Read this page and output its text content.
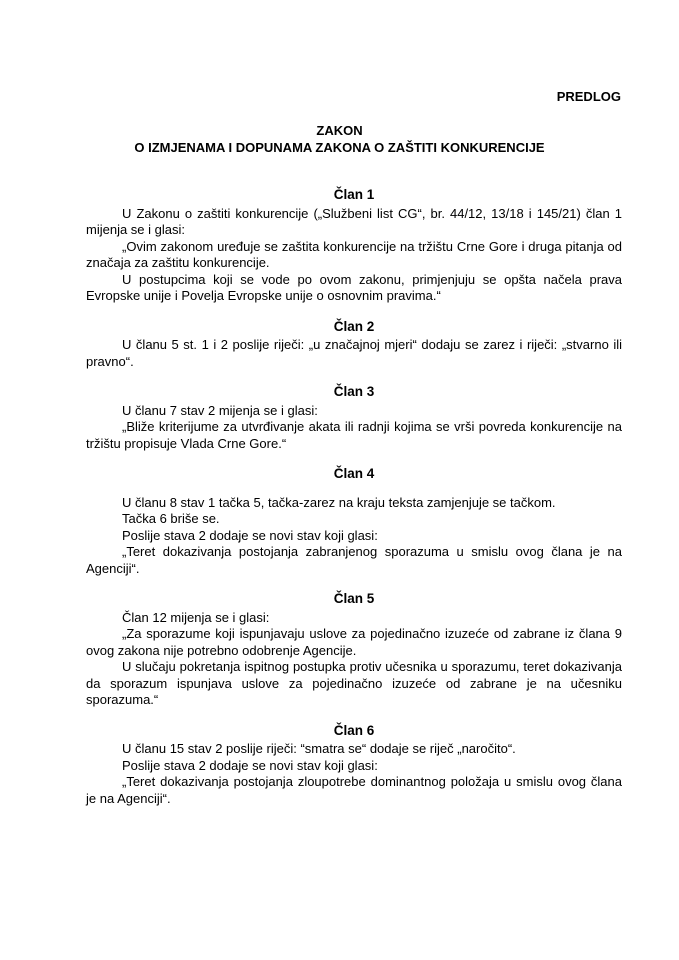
PREDLOG
ZAKON
O IZMJENAMA I DOPUNAMA ZAKONA O ZAŠTITI KONKURENCIJE
Član 1

U Zakonu o zaštiti konkurencije („Službeni list CG“, br. 44/12, 13/18 i 145/21) član 1 mijenja se i glasi:

„Ovim zakonom uređuje se zaštita konkurencije na tržištu Crne Gore i druga pitanja od značaja za zaštitu konkurencije.

U postupcima koji se vode po ovom zakonu, primjenjuju se opšta načela prava Evropske unije i Povelja Evropske unije o osnovnim pravima.“

Član 2

U članu 5 st. 1 i 2 poslije riječi: „u značajnoj mjeri“ dodaju se zarez i riječi: „stvarno ili pravno“.

Član 3

U članu 7 stav 2 mijenja se i glasi:

„Bliže kriterijume za utvrđivanje akata ili radnji kojima se vrši povreda konkurencije na tržištu propisuje Vlada Crne Gore.“

Član 4

U članu 8 stav 1 tačka 5, tačka-zarez na kraju teksta zamjenjuje se tačkom.

Tačka 6 briše se.

Poslije stava 2 dodaje se novi stav koji glasi:

„Teret dokazivanja postojanja zabranjenog sporazuma u smislu ovog člana je na Agenciji“.

Član 5

Član 12 mijenja se i glasi:

„Za sporazume koji ispunjavaju uslove za pojedinačno izuzeće od zabrane iz člana 9 ovog zakona nije potrebno odobrenje Agencije.

U slučaju pokretanja ispitnog postupka protiv učesnika u sporazumu, teret dokazivanja da sporazum ispunjava uslove za pojedinačno izuzeće od zabrane je na učesniku sporazuma.“

Član 6

U članu 15 stav 2 poslije riječi: “smatra se“ dodaje se riječ „naročito“.

Poslije stava 2 dodaje se novi stav koji glasi:

„Teret dokazivanja postojanja zloupotrebe dominantnog položaja u smislu ovog člana je na Agenciji“.
